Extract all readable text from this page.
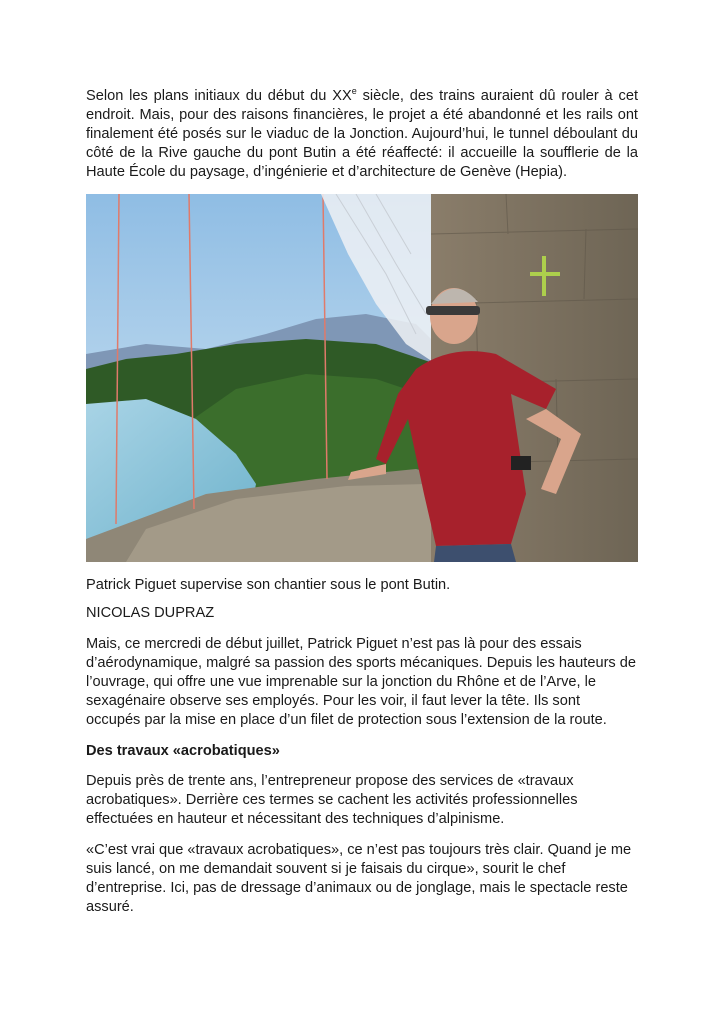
Selon les plans initiaux du début du XXe siècle, des trains auraient dû rouler à cet endroit. Mais, pour des raisons financières, le projet a été abandonné et les rails ont finalement été posés sur le viaduc de la Jonction. Aujourd’hui, le tunnel déboulant du côté de la Rive gauche du pont Butin a été réaffecté: il accueille la soufflerie de la Haute École du paysage, d’ingénierie et d’architecture de Genève (Hepia).

Patrick Piguet supervise son chantier sous le pont Butin.

NICOLAS DUPRAZ

Mais, ce mercredi de début juillet, Patrick Piguet n’est pas là pour des essais d’aérodynamique, malgré sa passion des sports mécaniques. Depuis les hauteurs de l’ouvrage, qui offre une vue imprenable sur la jonction du Rhône et de l’Arve, le sexagénaire observe ses employés. Pour les voir, il faut lever la tête. Ils sont occupés par la mise en place d’un filet de protection sous l’extension de la route.

Des travaux «acrobatiques»

Depuis près de trente ans, l’entrepreneur propose des services de «travaux acrobatiques». Derrière ces termes se cachent les activités professionnelles effectuées en hauteur et nécessitant des techniques d’alpinisme.

«C’est vrai que «travaux acrobatiques», ce n’est pas toujours très clair. Quand je me suis lancé, on me demandait souvent si je faisais du cirque», sourit le chef d’entreprise. Ici, pas de dressage d’animaux ou de jonglage, mais le spectacle reste assuré.
